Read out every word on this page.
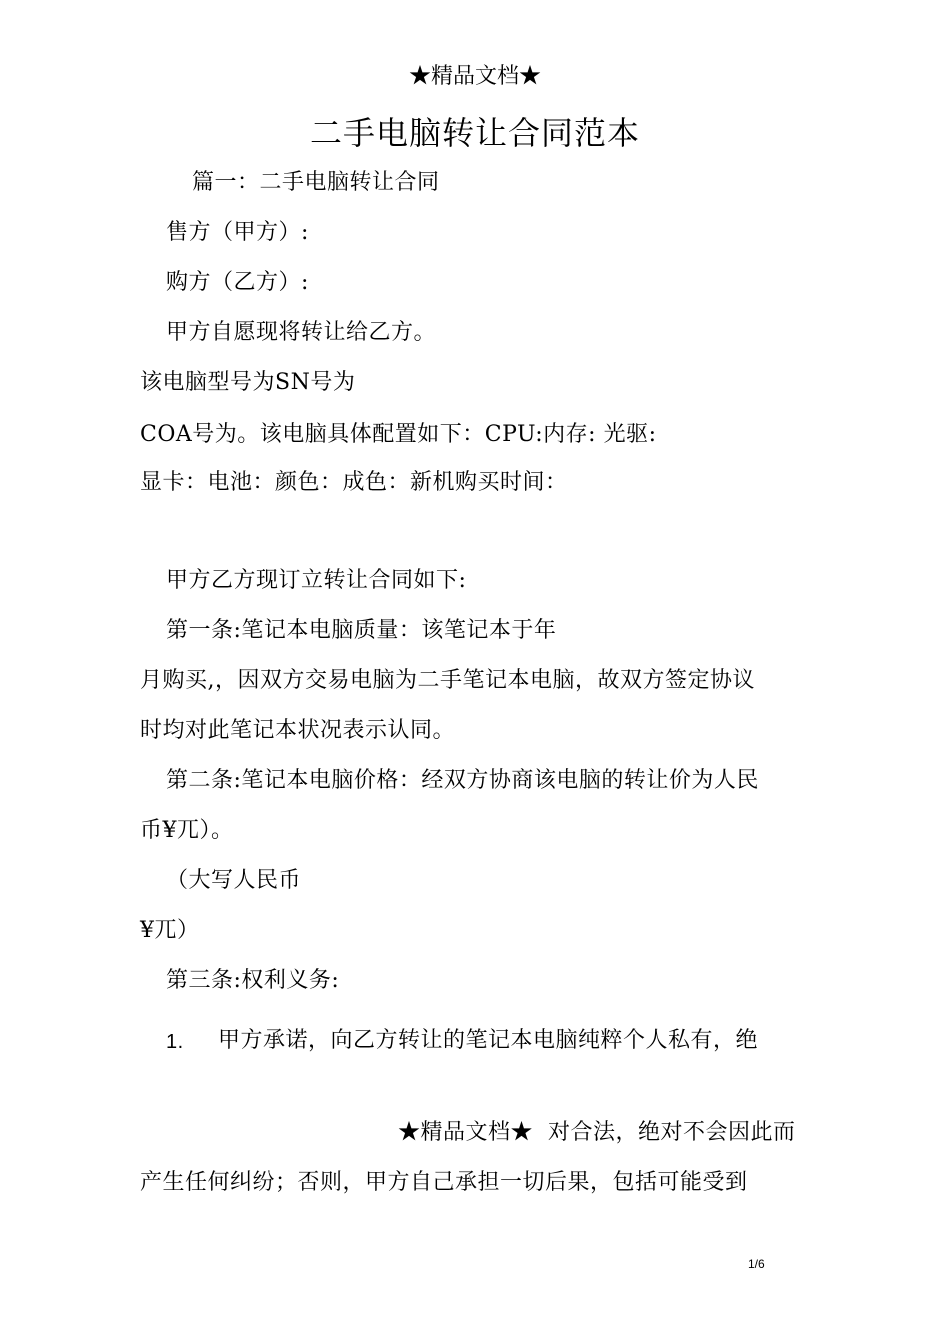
★精品文档★
二手电脑转让合同范本
篇一：二手电脑转让合同
售方（甲方）:
购方（乙方）:
甲方自愿现将转让给乙方。
该电脑型号为SN号为
COA号为。该电脑具体配置如下：CPU:内存: 光驱:
显卡：电池：颜色：成色：新机购买时间：
甲方乙方现订立转让合同如下:
第一条:笔记本电脑质量：该笔记本于年
月购买,，因双方交易电脑为二手笔记本电脑，故双方签定协议
时均对此笔记本状况表示认同。
第二条:笔记本电脑价格：经双方协商该电脑的转让价为人民
币¥兀）。
（大写人民币
¥兀）
第三条:权利义务:
1. 甲方承诺，向乙方转让的笔记本电脑纯粹个人私有，绝
★精品文档★ 对合法，绝对不会因此而
产生任何纠纷；否则，甲方自己承担一切后果，包括可能受到
1/6
